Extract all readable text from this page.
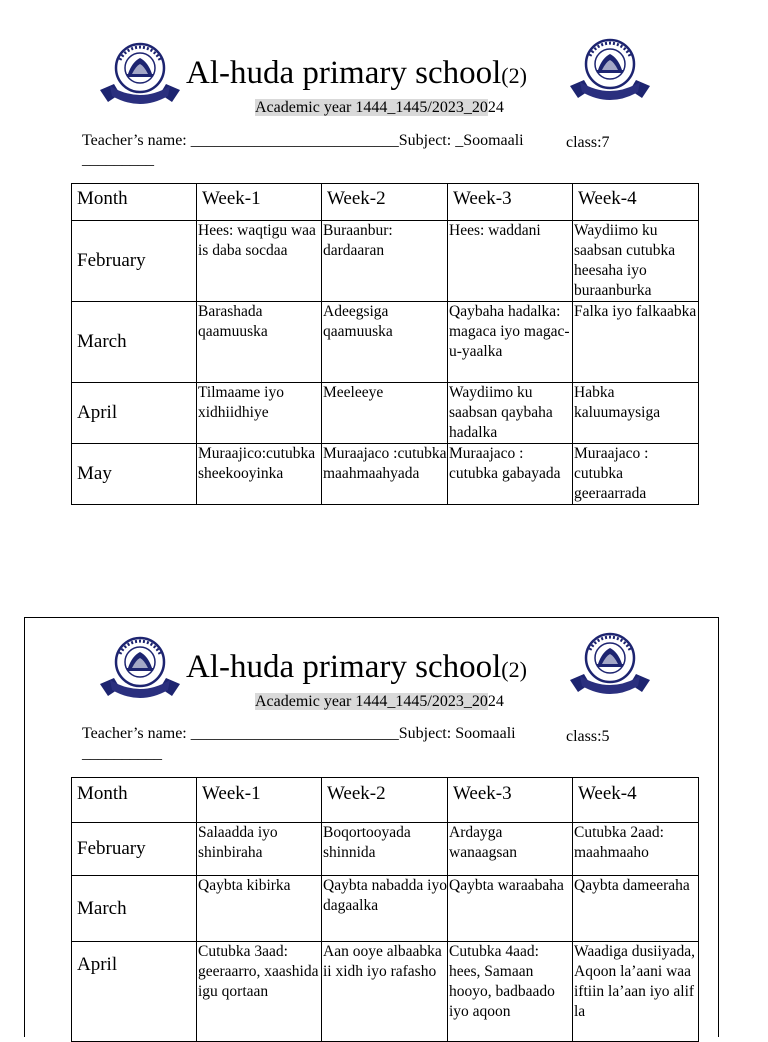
Al-huda primary school(2)
Academic year 1444_1445/2023_2024
Teacher’s name: __________________________Subject: _Soomaali	class:7
_________
Month	Week-1	Week-2	Week-3	Week-4
February	Hees: waqtigu waa is daba socdaa	Buraanbur: dardaaran	Hees: waddani	Waydiimo ku saabsan cutubka heesaha iyo buraanburka
March	Barashada qaamuuska	Adeegsiga qaamuuska	Qaybaha hadalka: magaca iyo magac-u-yaalka	Falka iyo falkaabka
April	Tilmaame iyo xidhiidhiye	Meeleeye	Waydiimo ku saabsan qaybaha hadalka	Habka kaluumaysiga
May	Muraajico:cutubka sheekooyinka	Muraajaco :cutubka maahmaahyada	Muraajaco : cutubka gabayada	Muraajaco : cutubka geeraarrada
Al-huda primary school(2)
Academic year 1444_1445/2023_2024
Teacher’s name: __________________________Subject: Soomaali	class:5
__________
Month	Week-1	Week-2	Week-3	Week-4
February	Salaadda iyo shinbiraha	Boqortooyada shinnida	Ardayga wanaagsan	Cutubka 2aad: maahmaaho
March	Qaybta kibirka	Qaybta nabadda iyo dagaalka	Qaybta waraabaha	Qaybta dameeraha
April	Cutubka 3aad: geeraarro, xaashida igu qortaan	Aan ooye albaabka ii xidh iyo rafasho	Cutubka 4aad: hees, Samaan hooyo, badbaado iyo aqoon	Waadiga dusiiyada, Aqoon la’aani waa iftiin la’aan iyo alif la
